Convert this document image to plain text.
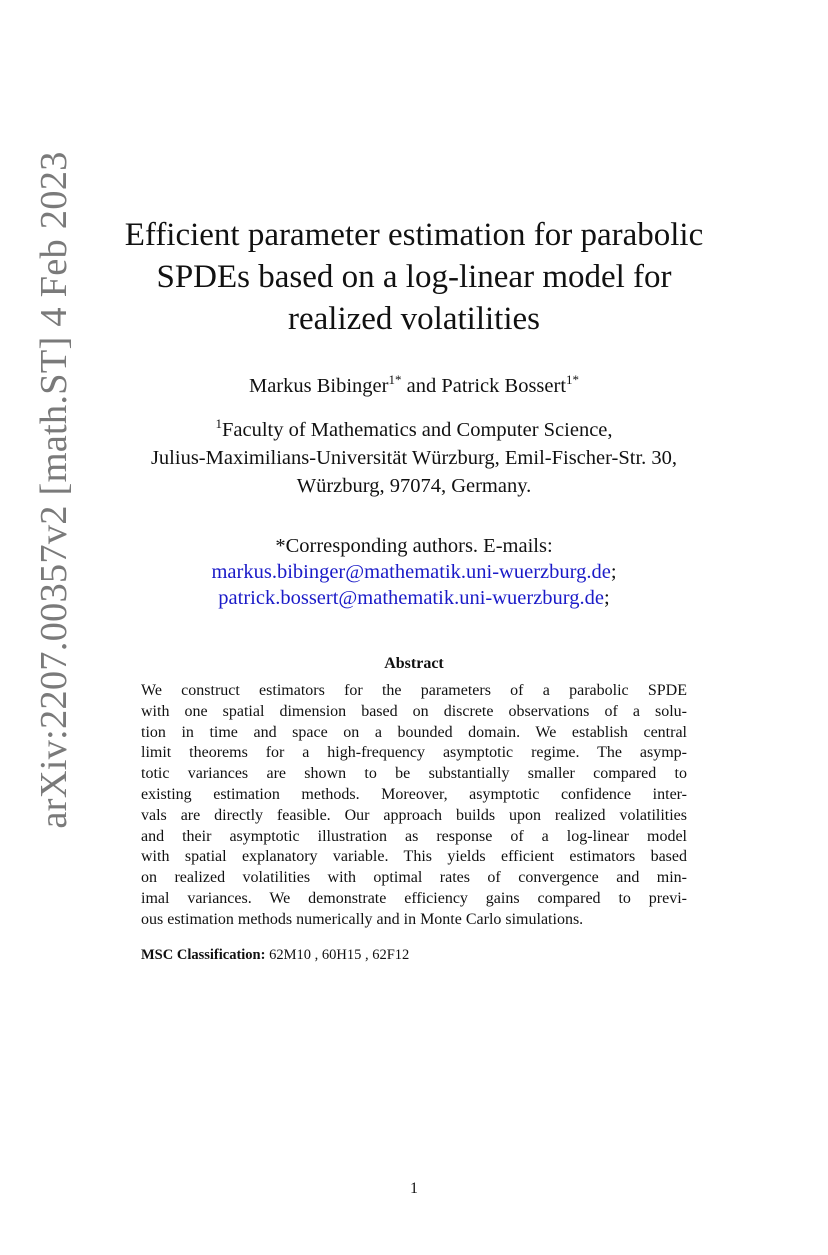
arXiv:2207.00357v2 [math.ST] 4 Feb 2023	Efficient parameter estimation for parabolic
SPDEs based on a log-linear model for
realized volatilities
Markus Bibinger$^{1*}$ and Patrick Bossert$^{1*}$
$^1$Faculty of Mathematics and Computer Science,
Julius-Maximilians-Universität Würzburg, Emil-Fischer-Str. 30,
Würzburg, 97074, Germany.
*Corresponding authors. E-mails:
markus.bibinger@mathematik.uni-wuerzburg.de;
patrick.bossert@mathematik.uni-wuerzburg.de;
Abstract
We construct estimators for the parameters of a parabolic SPDE
with one spatial dimension based on discrete observations of a solu-
tion in time and space on a bounded domain. We establish central
limit theorems for a high-frequency asymptotic regime. The asymp-
totic variances are shown to be substantially smaller compared to
existing estimation methods. Moreover, asymptotic confidence inter-
vals are directly feasible. Our approach builds upon realized volatilities
and their asymptotic illustration as response of a log-linear model
with spatial explanatory variable. This yields efficient estimators based
on realized volatilities with optimal rates of convergence and min-
imal variances. We demonstrate efficiency gains compared to previ-
ous estimation methods numerically and in Monte Carlo simulations.
MSC Classification: 62M10 , 60H15 , 62F12
1
